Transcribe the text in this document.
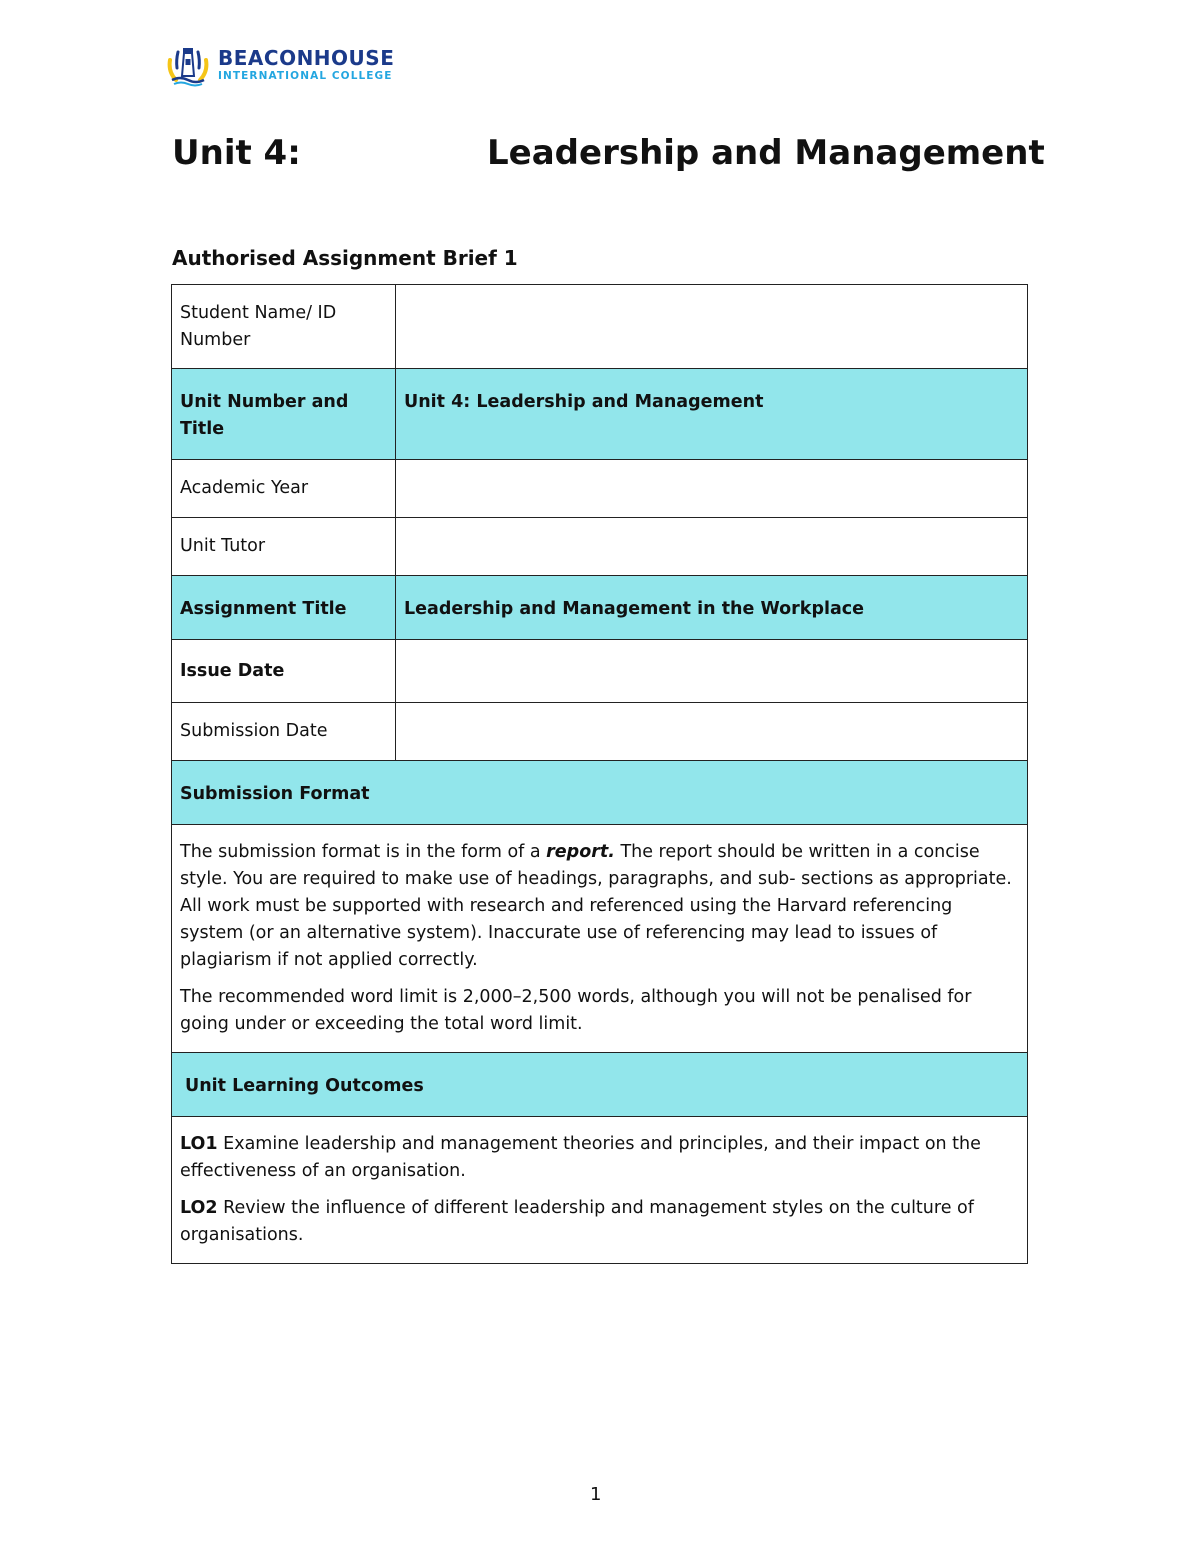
BEACONHOUSE
INTERNATIONAL COLLEGE
Unit 4:	Leadership and Management
Authorised Assignment Brief 1
Student Name/ ID Number	
Unit Number and Title	Unit 4: Leadership and Management
Academic Year	
Unit Tutor	
Assignment Title	Leadership and Management in the Workplace
Issue Date	
Submission Date	
Submission Format	

The submission format is in the form of a report. The report should be written in a concise style. You are required to make use of headings, paragraphs, and sub- sections as appropriate. All work must be supported with research and referenced using the Harvard referencing system (or an alternative system). Inaccurate use of referencing may lead to issues of plagiarism if not applied correctly.

The recommended word limit is 2,000–2,500 words, although you will not be penalised for going under or exceeding the total word limit.	

Unit Learning Outcomes	

LO1 Examine leadership and management theories and principles, and their impact on the effectiveness of an organisation.

LO2 Review the influence of different leadership and management styles on the culture of organisations.	

1
